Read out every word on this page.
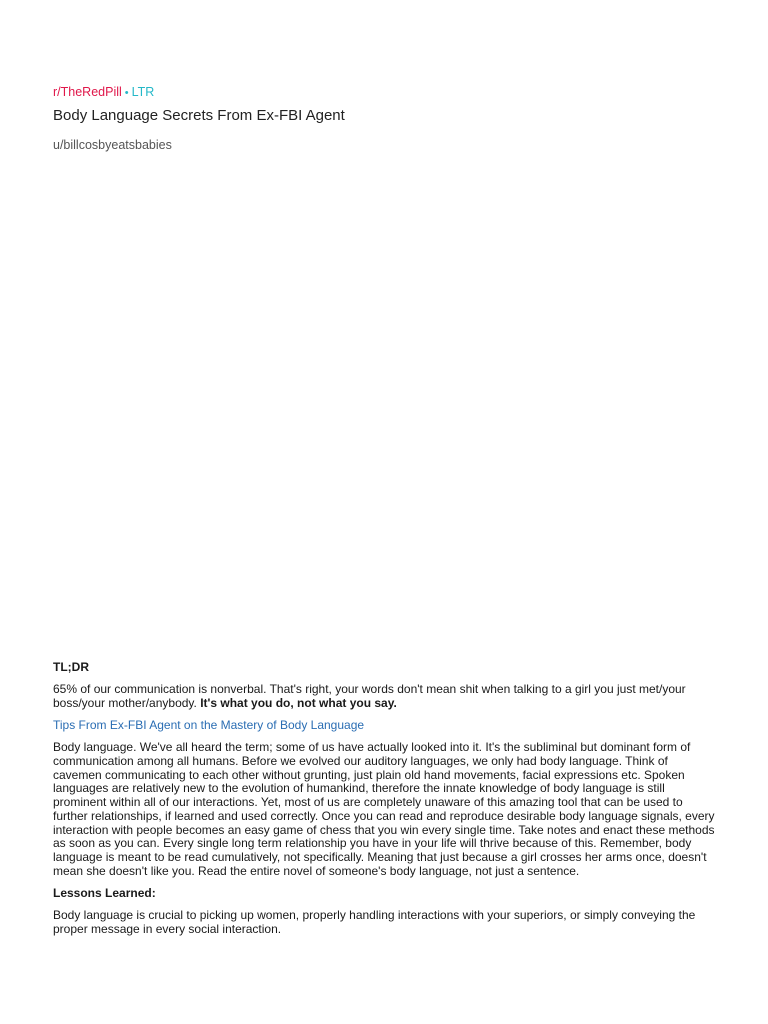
r/TheRedPill • LTR
Body Language Secrets From Ex-FBI Agent
u/billcosbyeatsbabies

TL;DR

65% of our communication is nonverbal. That's right, your words don't mean shit when talking to a girl you just met/your boss/your mother/anybody. It's what you do, not what you say.

Tips From Ex-FBI Agent on the Mastery of Body Language

Body language. We've all heard the term; some of us have actually looked into it. It's the subliminal but dominant form of communication among all humans. Before we evolved our auditory languages, we only had body language. Think of cavemen communicating to each other without grunting, just plain old hand movements, facial expressions etc. Spoken languages are relatively new to the evolution of humankind, therefore the innate knowledge of body language is still prominent within all of our interactions. Yet, most of us are completely unaware of this amazing tool that can be used to further relationships, if learned and used correctly. Once you can read and reproduce desirable body language signals, every interaction with people becomes an easy game of chess that you win every single time. Take notes and enact these methods as soon as you can. Every single long term relationship you have in your life will thrive because of this. Remember, body language is meant to be read cumulatively, not specifically. Meaning that just because a girl crosses her arms once, doesn't mean she doesn't like you. Read the entire novel of someone's body language, not just a sentence.

Lessons Learned:

Body language is crucial to picking up women, properly handling interactions with your superiors, or simply conveying the proper message in every social interaction.
